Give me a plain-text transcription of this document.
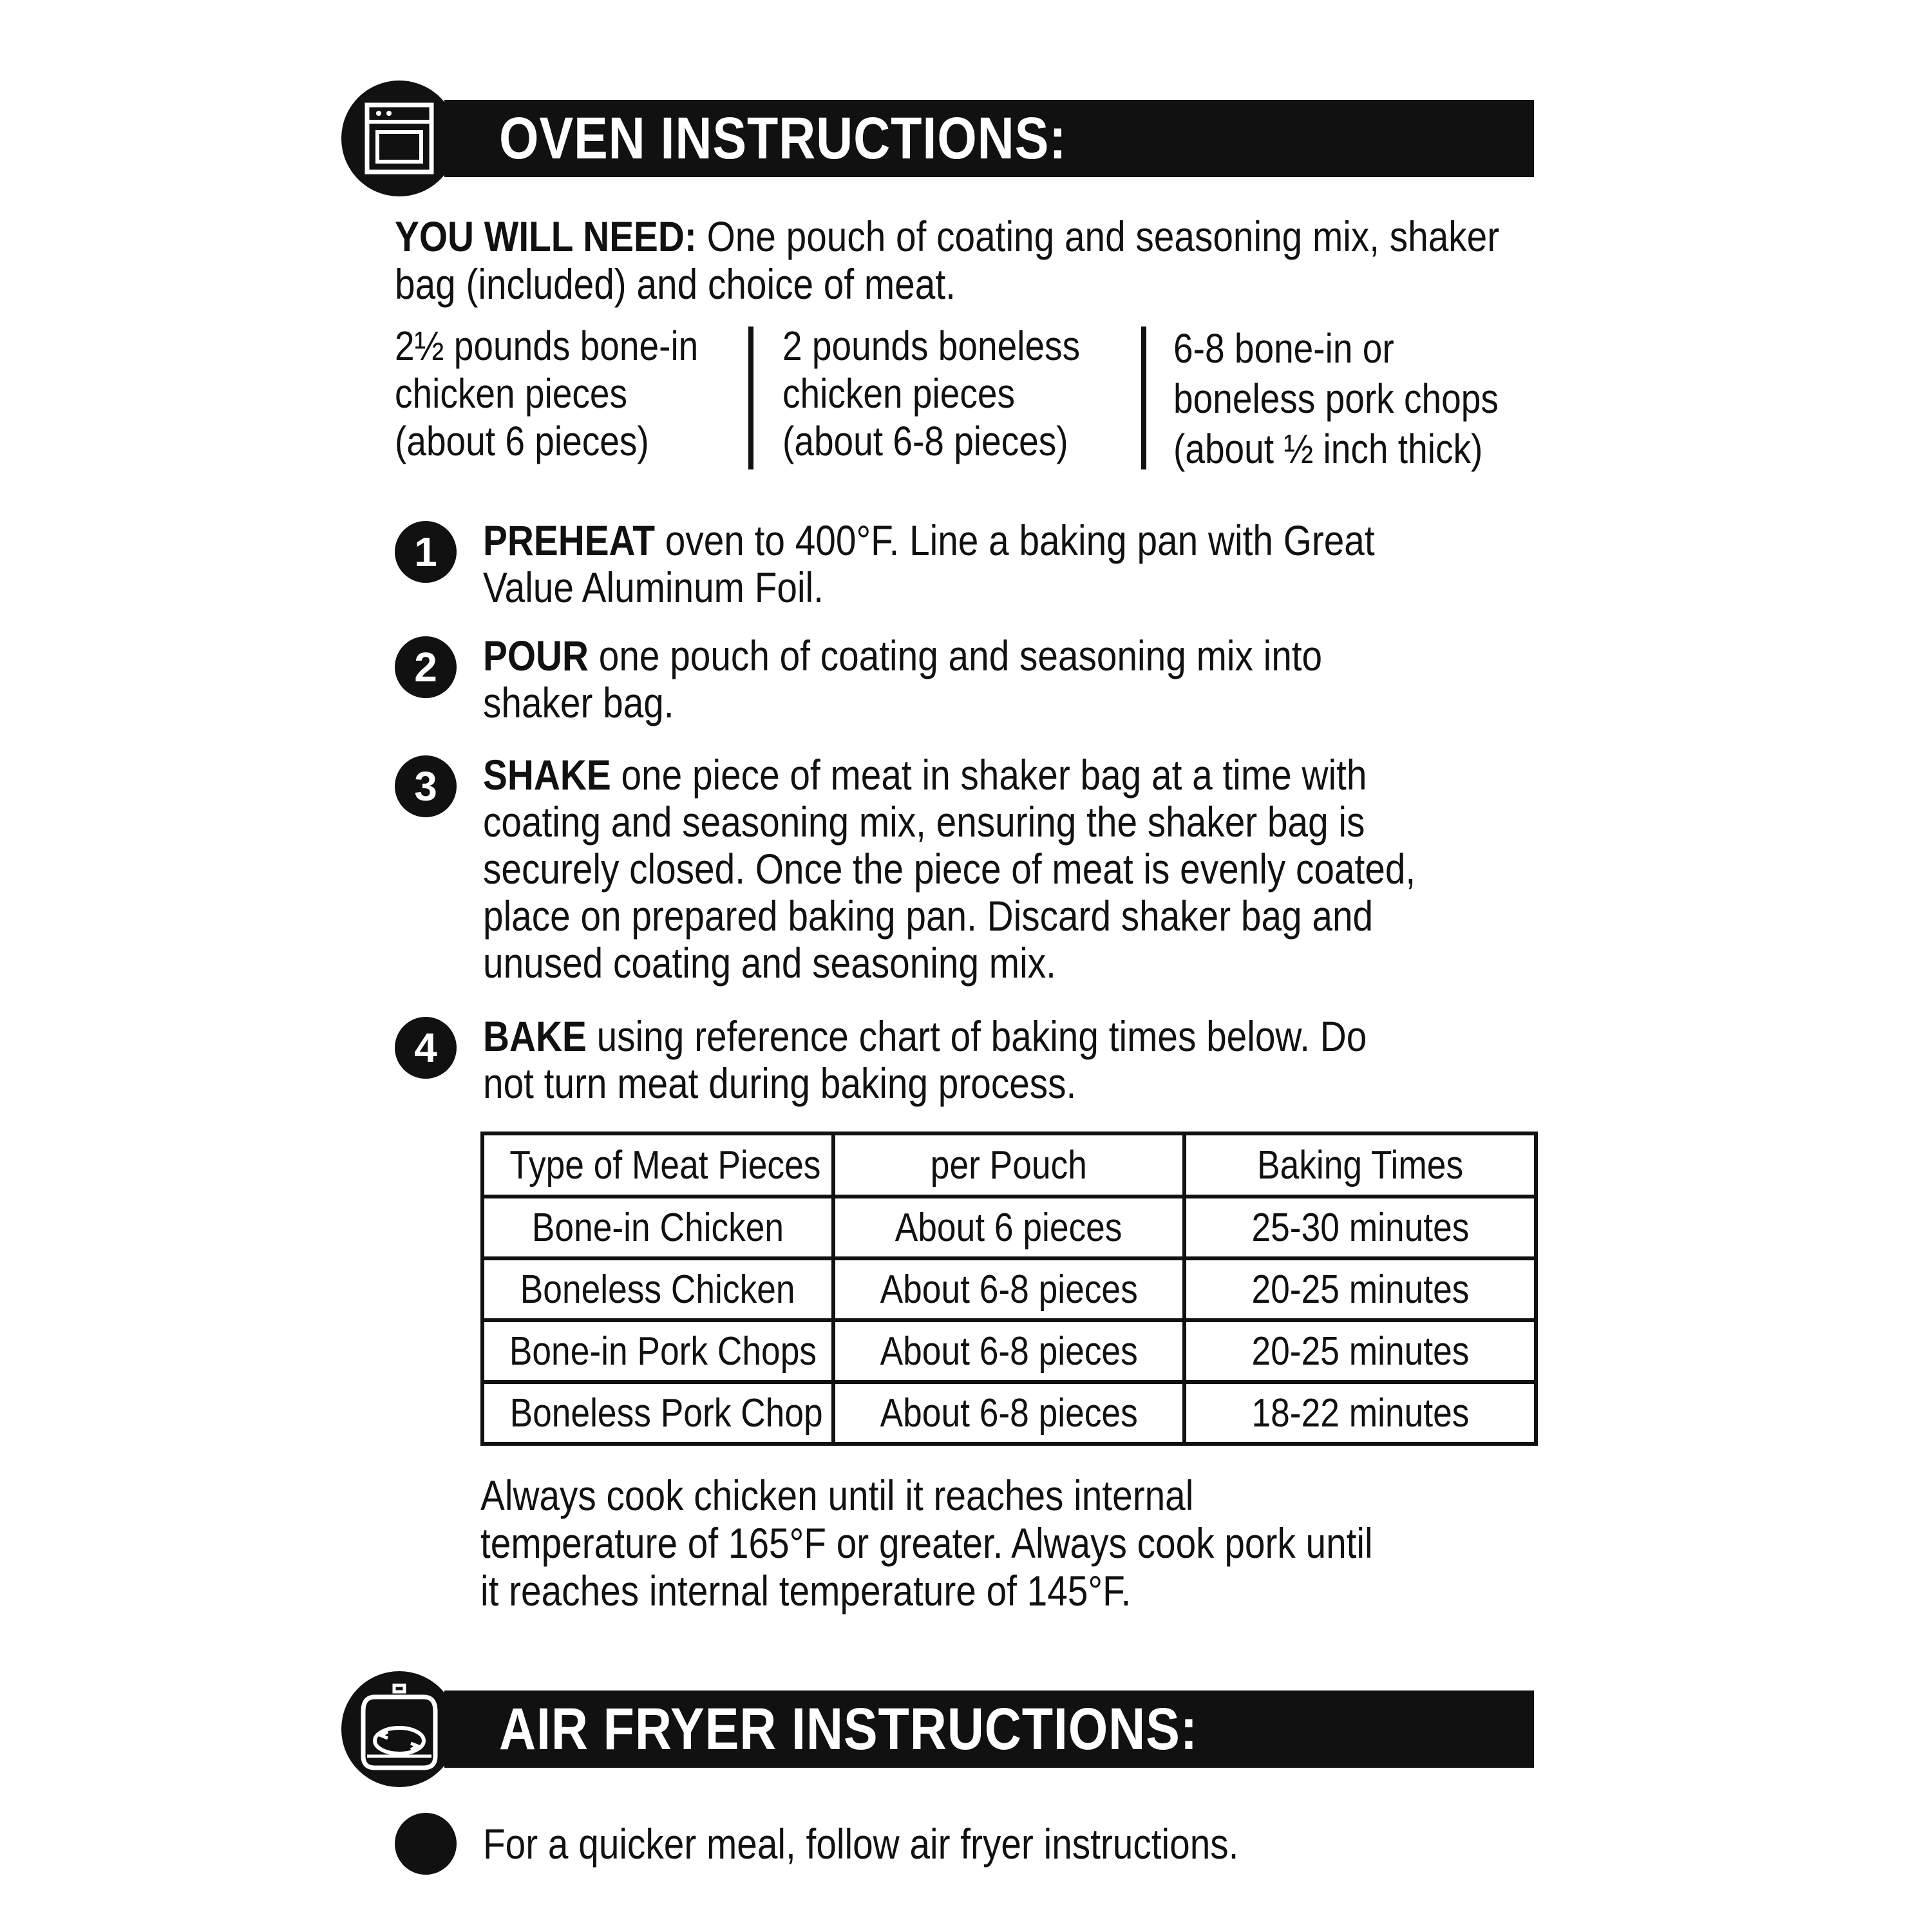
OVEN INSTRUCTIONS:
YOU WILL NEED: One pouch of coating and seasoning mix, shaker
bag (included) and choice of meat.
2½ pounds bone-in
chicken pieces
(about 6 pieces)
2 pounds boneless
chicken pieces
(about 6-8 pieces)
6-8 bone-in or
boneless pork chops
(about ½ inch thick)
1	PREHEAT oven to 400°F. Line a baking pan with Great
Value Aluminum Foil.
2	POUR one pouch of coating and seasoning mix into
shaker bag.
3	SHAKE one piece of meat in shaker bag at a time with
coating and seasoning mix, ensuring the shaker bag is
securely closed. Once the piece of meat is evenly coated,
place on prepared baking pan. Discard shaker bag and
unused coating and seasoning mix.
4	BAKE using reference chart of baking times below. Do
not turn meat during baking process.
Type of Meat Pieces	per Pouch	Baking Times
Bone-in Chicken	About 6 pieces	25-30 minutes
Boneless Chicken	About 6-8 pieces	20-25 minutes
Bone-in Pork Chops	About 6-8 pieces	20-25 minutes
Boneless Pork Chop	About 6-8 pieces	18-22 minutes
Always cook chicken until it reaches internal
temperature of 165°F or greater. Always cook pork until
it reaches internal temperature of 145°F.
AIR FRYER INSTRUCTIONS:
For a quicker meal, follow air fryer instructions.
